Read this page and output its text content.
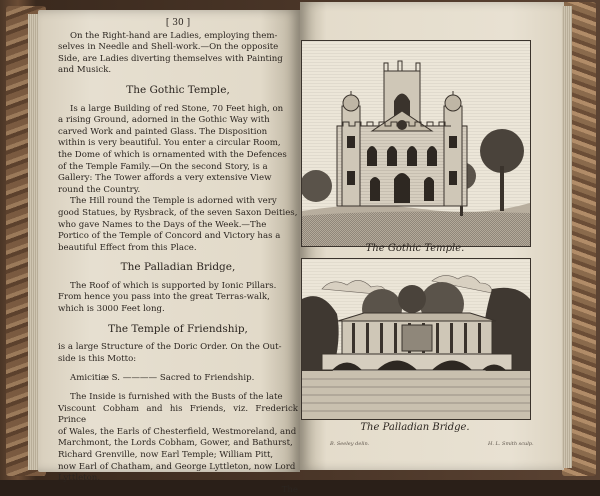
[ 30 ]

On the Right-hand are Ladies, employing them-

selves in Needle and Shell-work.—On the opposite

Side, are Ladies diverting themselves with Painting

and Musick.

The Gothic Temple,

Is a large Building of red Stone, 70 Feet high, on

a rising Ground, adorned in the Gothic Way with

carved Work and painted Glass. The Disposition

within is very beautiful. You enter a circular Room,

the Dome of which is ornamented with the Defences

of the Temple Family.—On the second Story, is a

Gallery: The Tower affords a very extensive View

round the Country.

The Hill round the Temple is adorned with very

good Statues, by Rysbrack, of the seven Saxon Deities,

who gave Names to the Days of the Week.—The

Portico of the Temple of Concord and Victory has a

beautiful Effect from this Place.

The Palladian Bridge,

The Roof of which is supported by Ionic Pillars.

From hence you pass into the great Terras-walk,

which is 3000 Feet long.

The Temple of Friendship,

is a large Structure of the Doric Order. On the Out-

side is this Motto:

Amicitiæ S. ———— Sacred to Friendship.

The Inside is furnished with the Busts of the late

Viscount Cobham and his Friends, viz. Frederick Prince

of Wales, the Earls of Chesterfield, Westmoreland, and

Marchmont, the Lords Cobham, Gower, and Bathurst,

Richard Grenville, now Earl Temple; William Pitt,

now Earl of Chatham, and George Lyttleton, now Lord

Lyttleton.

The
The Gothic Temple.
The Palladian Bridge.
B. Seeley delin.	H. L. Smith sculp.
